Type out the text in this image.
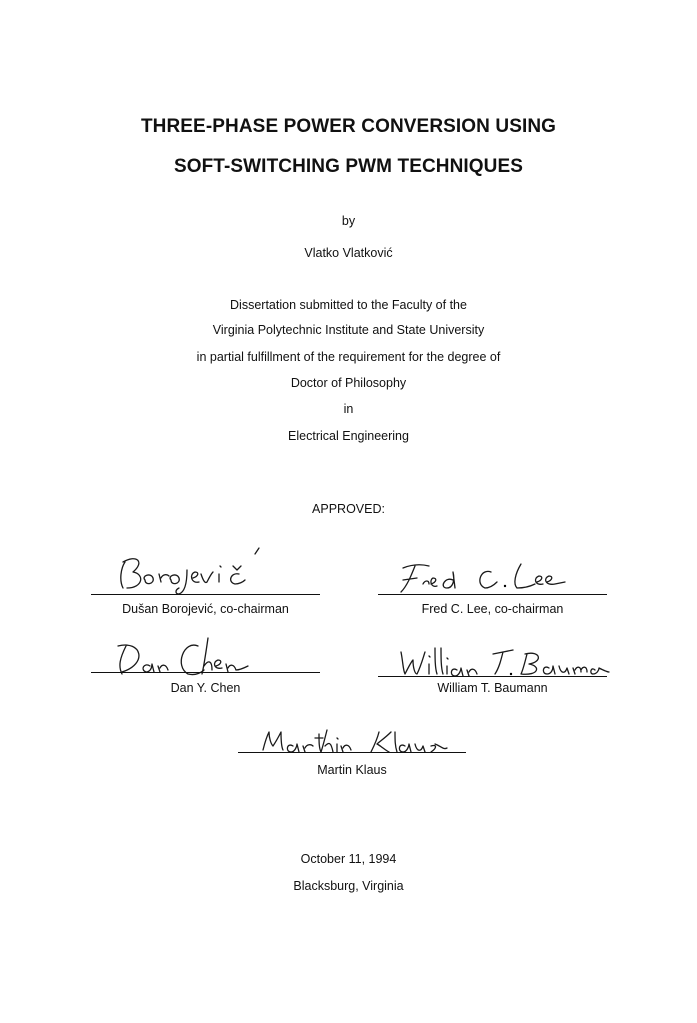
THREE-PHASE POWER CONVERSION USING
SOFT-SWITCHING PWM TECHNIQUES
by
Vlatko Vlatković
Dissertation submitted to the Faculty of the
Virginia Polytechnic Institute and State University
in partial fulfillment of the requirement for the degree of
Doctor of Philosophy
in
Electrical Engineering
APPROVED:
Dušan Borojević, co-chairman	Fred C. Lee, co-chairman
Dan Y. Chen	William T. Baumann
Martin Klaus
October 11, 1994
Blacksburg, Virginia
